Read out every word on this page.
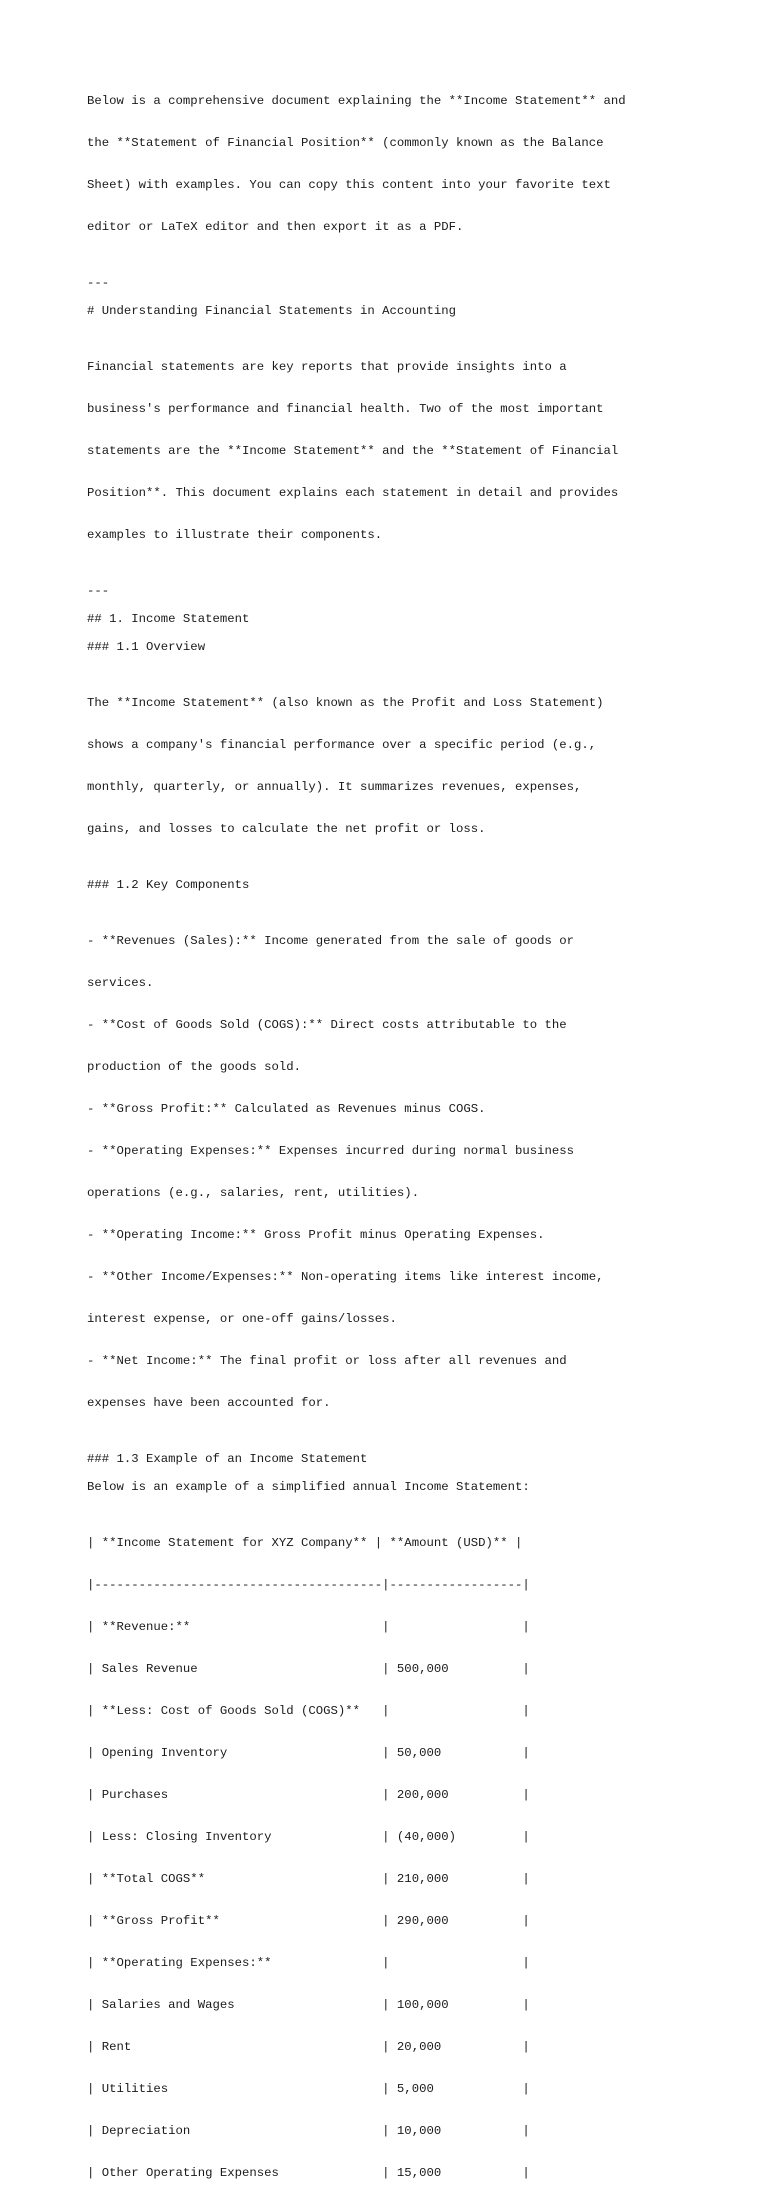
Below is a comprehensive document explaining the **Income Statement** and

the **Statement of Financial Position** (commonly known as the Balance

Sheet) with examples. You can copy this content into your favorite text

editor or LaTeX editor and then export it as a PDF.

---
# Understanding Financial Statements in Accounting

Financial statements are key reports that provide insights into a

business's performance and financial health. Two of the most important

statements are the **Income Statement** and the **Statement of Financial

Position**. This document explains each statement in detail and provides

examples to illustrate their components.

---
## 1. Income Statement
### 1.1 Overview

The **Income Statement** (also known as the Profit and Loss Statement)

shows a company's financial performance over a specific period (e.g.,

monthly, quarterly, or annually). It summarizes revenues, expenses,

gains, and losses to calculate the net profit or loss.

### 1.2 Key Components

- **Revenues (Sales):** Income generated from the sale of goods or

services.

- **Cost of Goods Sold (COGS):** Direct costs attributable to the

production of the goods sold.

- **Gross Profit:** Calculated as Revenues minus COGS.

- **Operating Expenses:** Expenses incurred during normal business

operations (e.g., salaries, rent, utilities).

- **Operating Income:** Gross Profit minus Operating Expenses.

- **Other Income/Expenses:** Non-operating items like interest income,

interest expense, or one-off gains/losses.

- **Net Income:** The final profit or loss after all revenues and

expenses have been accounted for.

### 1.3 Example of an Income Statement
Below is an example of a simplified annual Income Statement:

| **Income Statement for XYZ Company** | **Amount (USD)** |

|---------------------------------------|------------------|

| **Revenue:**                          |                  |

| Sales Revenue                         | 500,000          |

| **Less: Cost of Goods Sold (COGS)**   |                  |

| Opening Inventory                     | 50,000           |

| Purchases                             | 200,000          |

| Less: Closing Inventory               | (40,000)         |

| **Total COGS**                        | 210,000          |

| **Gross Profit**                      | 290,000          |

| **Operating Expenses:**               |                  |

| Salaries and Wages                    | 100,000          |

| Rent                                  | 20,000           |

| Utilities                             | 5,000            |

| Depreciation                          | 10,000           |

| Other Operating Expenses              | 15,000           |
